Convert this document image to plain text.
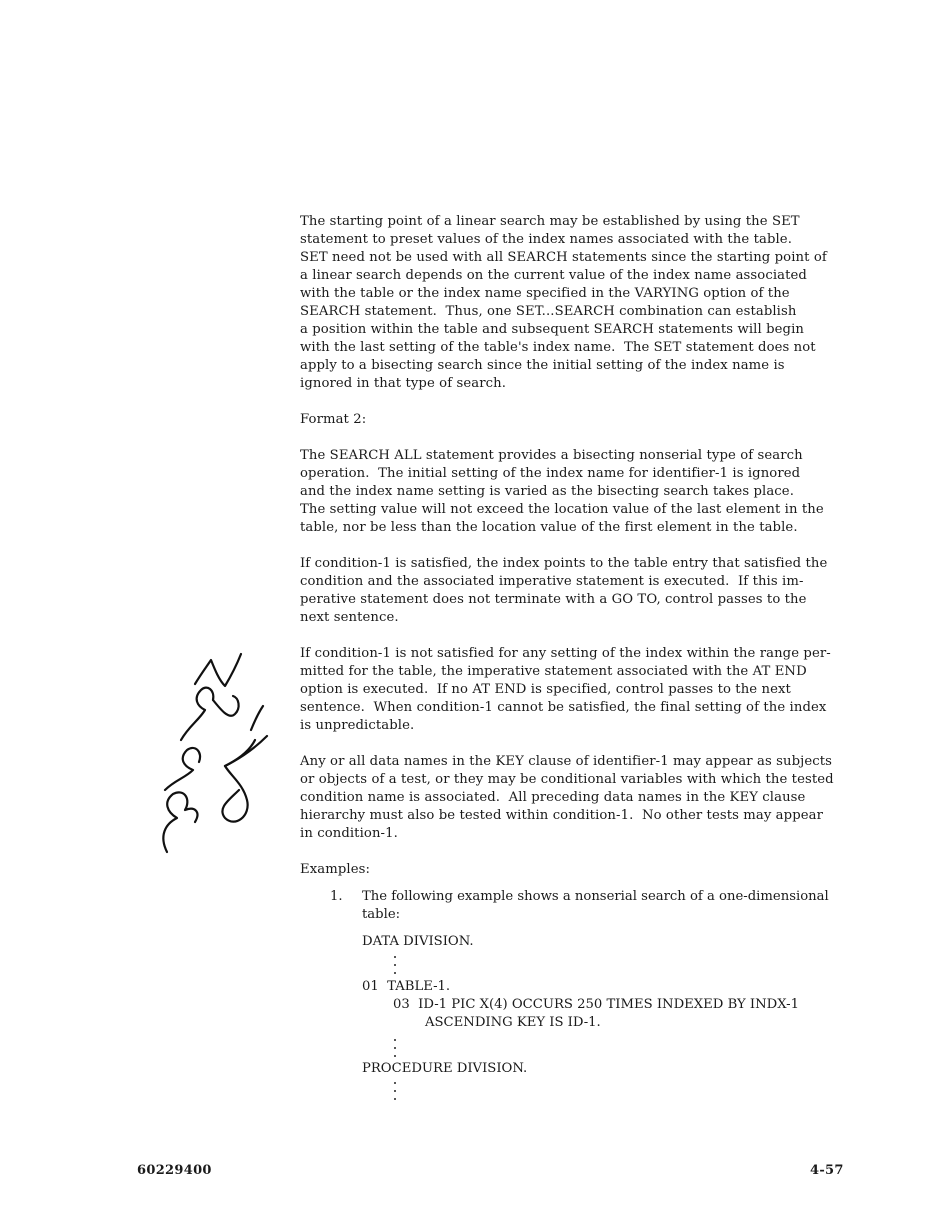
The starting point of a linear search may be established by using the SET
statement to preset values of the index names associated with the table.
SET need not be used with all SEARCH statements since the starting point of
a linear search depends on the current value of the index name associated
with the table or the index name specified in the VARYING option of the
SEARCH statement.  Thus, one SET...SEARCH combination can establish
a position within the table and subsequent SEARCH statements will begin
with the last setting of the table's index name.  The SET statement does not
apply to a bisecting search since the initial setting of the index name is
ignored in that type of search.
Format 2:
The SEARCH ALL statement provides a bisecting nonserial type of search
operation.  The initial setting of the index name for identifier-1 is ignored
and the index name setting is varied as the bisecting search takes place.
The setting value will not exceed the location value of the last element in the
table, nor be less than the location value of the first element in the table.
If condition-1 is satisfied, the index points to the table entry that satisfied the
condition and the associated imperative statement is executed.  If this im-
perative statement does not terminate with a GO TO, control passes to the
next sentence.
If condition-1 is not satisfied for any setting of the index within the range per-
mitted for the table, the imperative statement associated with the AT END
option is executed.  If no AT END is specified, control passes to the next
sentence.  When condition-1 cannot be satisfied, the final setting of the index
is unpredictable.
Any or all data names in the KEY clause of identifier-1 may appear as subjects
or objects of a test, or they may be conditional variables with which the tested
condition name is associated.  All preceding data names in the KEY clause
hierarchy must also be tested within condition-1.  No other tests may appear
in condition-1.
Examples:
1. The following example shows a nonserial search of a one-dimensional
table:
DATA DIVISION.
01  TABLE-1.
03  ID-1 PIC X(4) OCCURS 250 TIMES INDEXED BY INDX-1
ASCENDING KEY IS ID-1.
PROCEDURE DIVISION.
60229400	4-57
